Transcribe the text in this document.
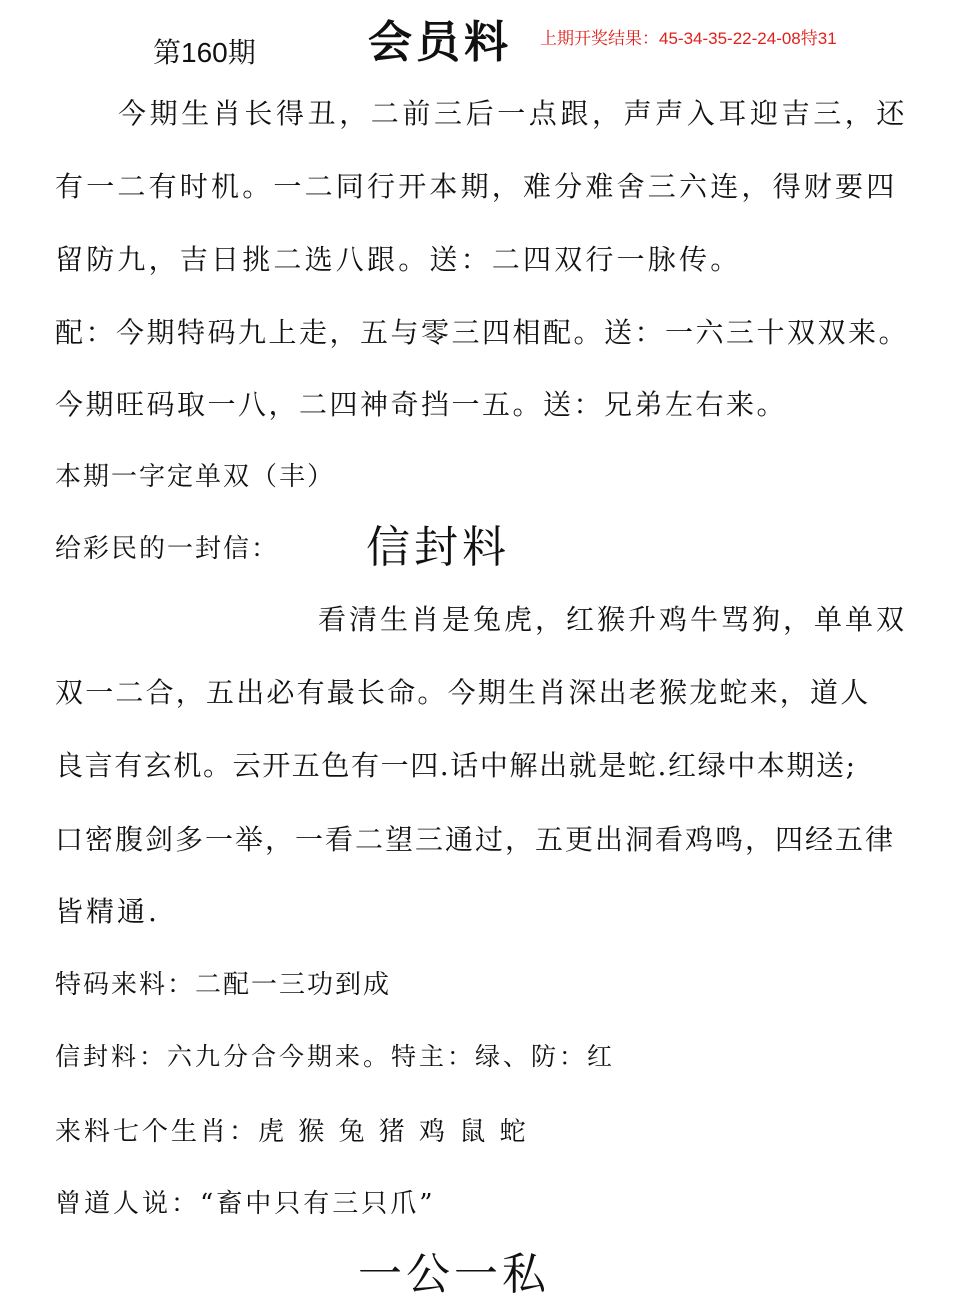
第160期	会员料 上期开奖结果：45-34-35-22-24-08特31
今期生肖长得丑，二前三后一点跟，声声入耳迎吉三，还
有一二有时机。一二同行开本期，难分难舍三六连，得财要四
留防九，吉日挑二选八跟。送：二四双行一脉传。
配：今期特码九上走，五与零三四相配。送：一六三十双双来。
今期旺码取一八，二四神奇挡一五。送：兄弟左右来。
本期一字定单双（丰）
给彩民的一封信： 信封料
看清生肖是兔虎，红猴升鸡牛骂狗，单单双
双一二合，五出必有最长命。今期生肖深出老猴龙蛇来，道人
良言有玄机。云开五色有一四.话中解出就是蛇.红绿中本期送;
口密腹剑多一举，一看二望三通过，五更出洞看鸡鸣，四经五律
皆精通.
特码来料：二配一三功到成
信封料：六九分合今期来。特主：绿、防：红
来料七个生肖：虎 猴 兔 猪 鸡 鼠 蛇
曾道人说：“畜中只有三只爪”
一公一私
